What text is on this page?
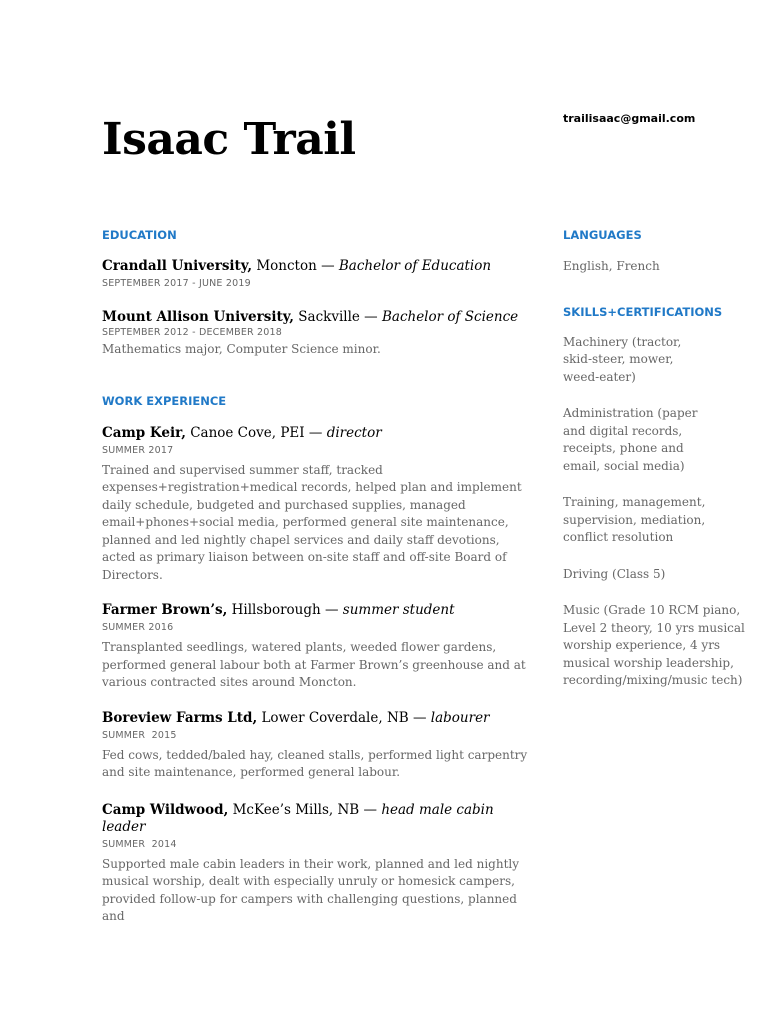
Isaac Trail	trailisaac@gmail.com
EDUCATION

Crandall University, Moncton — Bachelor of Education

SEPTEMBER 2017 - JUNE 2019

Mount Allison University, Sackville — Bachelor of Science

SEPTEMBER 2012 - DECEMBER 2018

Mathematics major, Computer Science minor.

WORK EXPERIENCE

Camp Keir, Canoe Cove, PEI — director

SUMMER 2017

Trained and supervised summer staff, tracked expenses+registration+medical records, helped plan and implement daily schedule, budgeted and purchased supplies, managed email+phones+social media, performed general site maintenance, planned and led nightly chapel services and daily staff devotions, acted as primary liaison between on-site staff and off-site Board of Directors.

Farmer Brown’s, Hillsborough — summer student

SUMMER 2016

Transplanted seedlings, watered plants, weeded flower gardens, performed general labour both at Farmer Brown’s greenhouse and at various contracted sites around Moncton.

Boreview Farms Ltd, Lower Coverdale, NB — labourer

SUMMER  2015

Fed cows, tedded/baled hay, cleaned stalls, performed light carpentry and site maintenance, performed general labour.

Camp Wildwood, McKee’s Mills, NB — head male cabin leader

SUMMER  2014

Supported male cabin leaders in their work, planned and led nightly musical worship, dealt with especially unruly or homesick campers, provided follow-up for campers with challenging questions, planned and

LANGUAGES

English, French

SKILLS+CERTIFICATIONS

Machinery (tractor, skid-steer, mower, weed-eater)

Administration (paper and digital records, receipts, phone and email, social media)

Training, management, supervision, mediation, conflict resolution

Driving (Class 5)

Music (Grade 10 RCM piano, Level 2 theory, 10 yrs musical worship experience, 4 yrs musical worship leadership, recording/mixing/music tech)
